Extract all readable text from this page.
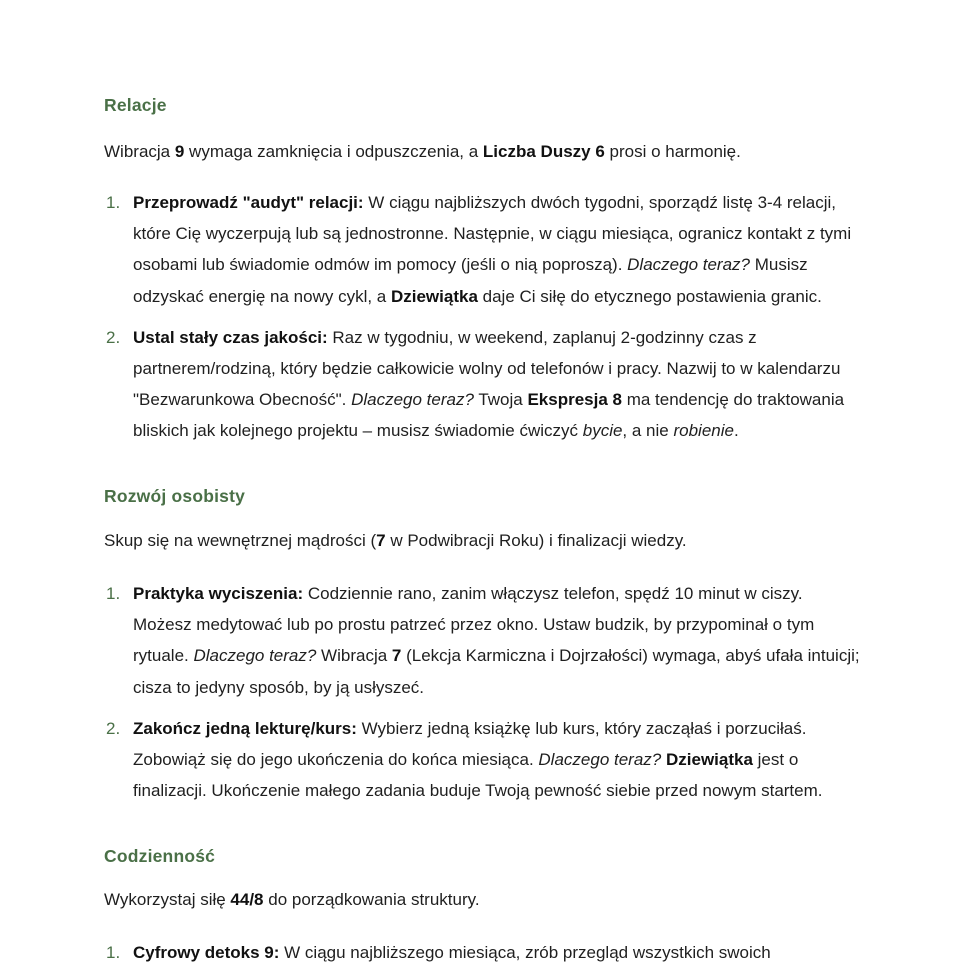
Relacje

Wibracja 9 wymaga zamknięcia i odpuszczenia, a Liczba Duszy 6 prosi o harmonię.

1. Przeprowadź "audyt" relacji: W ciągu najbliższych dwóch tygodni, sporządź listę 3-4 relacji, które Cię wyczerpują lub są jednostronne. Następnie, w ciągu miesiąca, ogranicz kontakt z tymi osobami lub świadomie odmów im pomocy (jeśli o nią poproszą). Dlaczego teraz? Musisz odzyskać energię na nowy cykl, a Dziewiątka daje Ci siłę do etycznego postawienia granic.
2. Ustal stały czas jakości: Raz w tygodniu, w weekend, zaplanuj 2-godzinny czas z partnerem/rodziną, który będzie całkowicie wolny od telefonów i pracy. Nazwij to w kalendarzu "Bezwarunkowa Obecność". Dlaczego teraz? Twoja Ekspresja 8 ma tendencję do traktowania bliskich jak kolejnego projektu – musisz świadomie ćwiczyć bycie, a nie robienie.
Rozwój osobisty

Skup się na wewnętrznej mądrości (7 w Podwibracji Roku) i finalizacji wiedzy.

1. Praktyka wyciszenia: Codziennie rano, zanim włączysz telefon, spędź 10 minut w ciszy. Możesz medytować lub po prostu patrzeć przez okno. Ustaw budzik, by przypominał o tym rytuale. Dlaczego teraz? Wibracja 7 (Lekcja Karmiczna i Dojrzałości) wymaga, abyś ufała intuicji; cisza to jedyny sposób, by ją usłyszeć.
2. Zakończ jedną lekturę/kurs: Wybierz jedną książkę lub kurs, który zacząłaś i porzuciłaś. Zobowiąż się do jego ukończenia do końca miesiąca. Dlaczego teraz? Dziewiątka jest o finalizacji. Ukończenie małego zadania buduje Twoją pewność siebie przed nowym startem.
Codzienność

Wykorzystaj siłę 44/8 do porządkowania struktury.

1. Cyfrowy detoks 9: W ciągu najbliższego miesiąca, zrób przegląd wszystkich swoich
